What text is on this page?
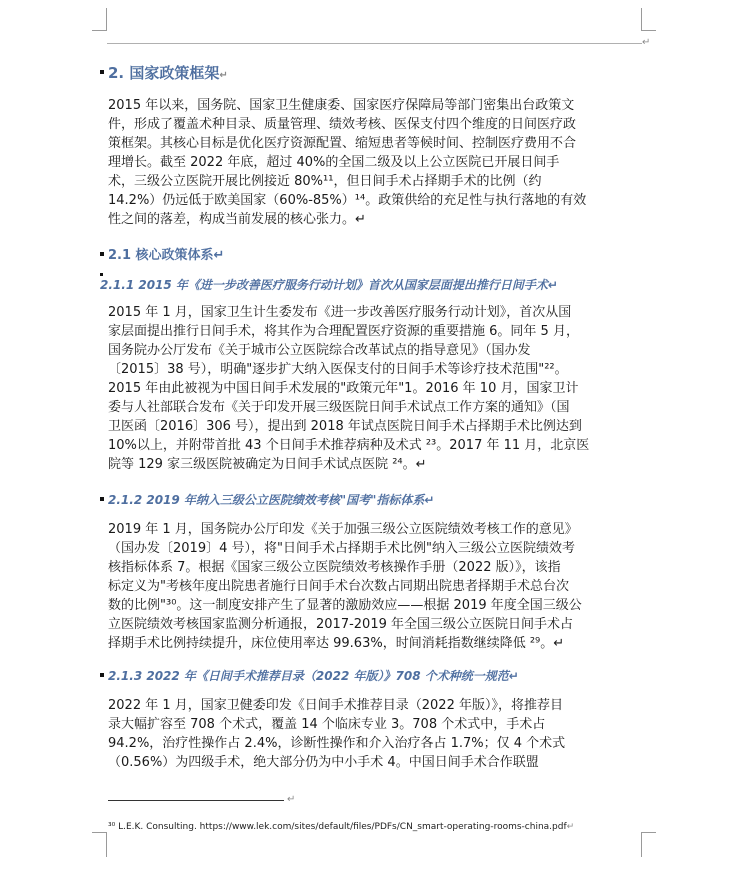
↵
2. 国家政策框架↵
2015 年以来，国务院、国家卫生健康委、国家医疗保障局等部门密集出台政策文
件，形成了覆盖术种目录、质量管理、绩效考核、医保支付四个维度的日间医疗政
策框架。其核心目标是优化医疗资源配置、缩短患者等候时间、控制医疗费用不合
理增长。截至 2022 年底，超过 40%的全国二级及以上公立医院已开展日间手
术，三级公立医院开展比例接近 80%¹¹，但日间手术占择期手术的比例（约
14.2%）仍远低于欧美国家（60%-85%）¹⁴。政策供给的充足性与执行落地的有效
性之间的落差，构成当前发展的核心张力。↵
2.1 核心政策体系↵
2.1.1 2015 年《进一步改善医疗服务行动计划》首次从国家层面提出推行日间手术↵
2015 年 1 月，国家卫生计生委发布《进一步改善医疗服务行动计划》，首次从国
家层面提出推行日间手术，将其作为合理配置医疗资源的重要措施 6。同年 5 月，
国务院办公厅发布《关于城市公立医院综合改革试点的指导意见》（国办发
〔2015〕38 号），明确"逐步扩大纳入医保支付的日间手术等诊疗技术范围"²²。
2015 年由此被视为中国日间手术发展的"政策元年"1。2016 年 10 月，国家卫计
委与人社部联合发布《关于印发开展三级医院日间手术试点工作方案的通知》（国
卫医函〔2016〕306 号），提出到 2018 年试点医院日间手术占择期手术比例达到
10%以上，并附带首批 43 个日间手术推荐病种及术式 ²³。2017 年 11 月，北京医
院等 129 家三级医院被确定为日间手术试点医院 ²⁴。↵
2.1.2 2019 年纳入三级公立医院绩效考核"国考"指标体系↵
2019 年 1 月，国务院办公厅印发《关于加强三级公立医院绩效考核工作的意见》
（国办发〔2019〕4 号），将"日间手术占择期手术比例"纳入三级公立医院绩效考
核指标体系 7。根据《国家三级公立医院绩效考核操作手册（2022 版）》，该指
标定义为"考核年度出院患者施行日间手术台次数占同期出院患者择期手术总台次
数的比例"³⁰。这一制度安排产生了显著的激励效应——根据 2019 年度全国三级公
立医院绩效考核国家监测分析通报，2017-2019 年全国三级公立医院日间手术占
择期手术比例持续提升，床位使用率达 99.63%，时间消耗指数继续降低 ²⁹。↵
2.1.3 2022 年《日间手术推荐目录（2022 年版）》708 个术种统一规范↵
2022 年 1 月，国家卫健委印发《日间手术推荐目录（2022 年版）》，将推荐目
录大幅扩容至 708 个术式，覆盖 14 个临床专业 3。708 个术式中，手术占
94.2%，治疗性操作占 2.4%，诊断性操作和介入治疗各占 1.7%；仅 4 个术式
（0.56%）为四级手术，绝大部分仍为中小手术 4。中国日间手术合作联盟
↵
³⁰ L.E.K. Consulting. https://www.lek.com/sites/default/files/PDFs/CN_smart-operating-rooms-china.pdf↵
